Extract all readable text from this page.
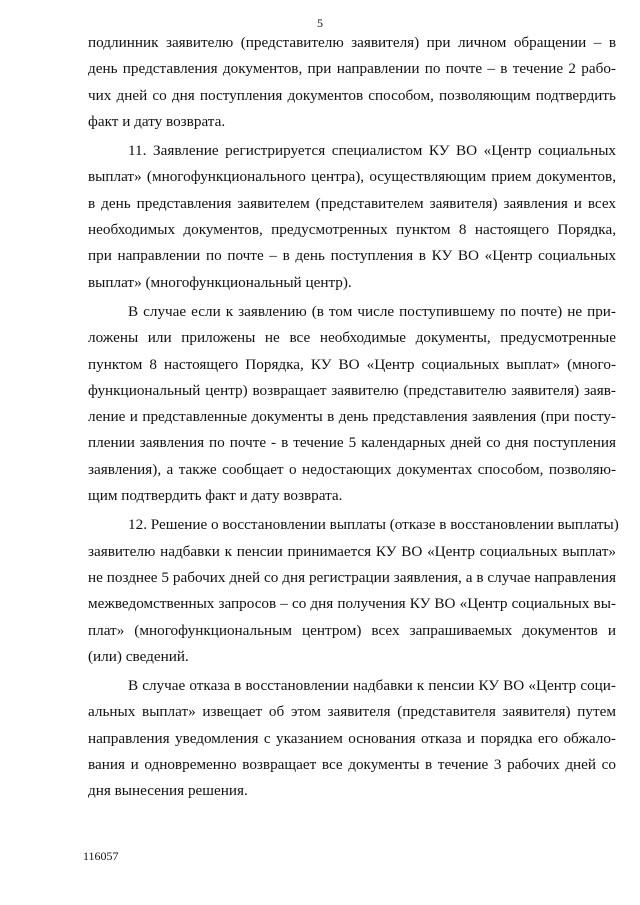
5
подлинник заявителю (представителю заявителя) при личном обращении – в
день представления документов, при направлении по почте – в течение 2 рабо-
чих дней со дня поступления документов способом, позволяющим подтвердить
факт и дату возврата.
11. Заявление регистрируется специалистом КУ ВО «Центр социальных
выплат» (многофункционального центра), осуществляющим прием документов,
в день представления заявителем (представителем заявителя) заявления и всех
необходимых документов, предусмотренных пунктом 8 настоящего Порядка,
при направлении по почте – в день поступления в КУ ВО «Центр социальных
выплат» (многофункциональный центр).
В случае если к заявлению (в том числе поступившему по почте) не при-
ложены или приложены не все необходимые документы, предусмотренные
пунктом 8 настоящего Порядка, КУ ВО «Центр социальных выплат» (много-
функциональный центр) возвращает заявителю (представителю заявителя) заяв-
ление и представленные документы в день представления заявления (при посту-
плении заявления по почте - в течение 5 календарных дней со дня поступления
заявления), а также сообщает о недостающих документах способом, позволяю-
щим подтвердить факт и дату возврата.
12. Решение о восстановлении выплаты (отказе в восстановлении выплаты)
заявителю надбавки к пенсии принимается КУ ВО «Центр социальных выплат»
не позднее 5 рабочих дней со дня регистрации заявления, а в случае направления
межведомственных запросов – со дня получения КУ ВО «Центр социальных вы-
плат» (многофункциональным центром) всех запрашиваемых документов и
(или) сведений.
В случае отказа в восстановлении надбавки к пенсии КУ ВО «Центр соци-
альных выплат» извещает об этом заявителя (представителя заявителя) путем
направления уведомления с указанием основания отказа и порядка его обжало-
вания и одновременно возвращает все документы в течение 3 рабочих дней со
дня вынесения решения.
116057
